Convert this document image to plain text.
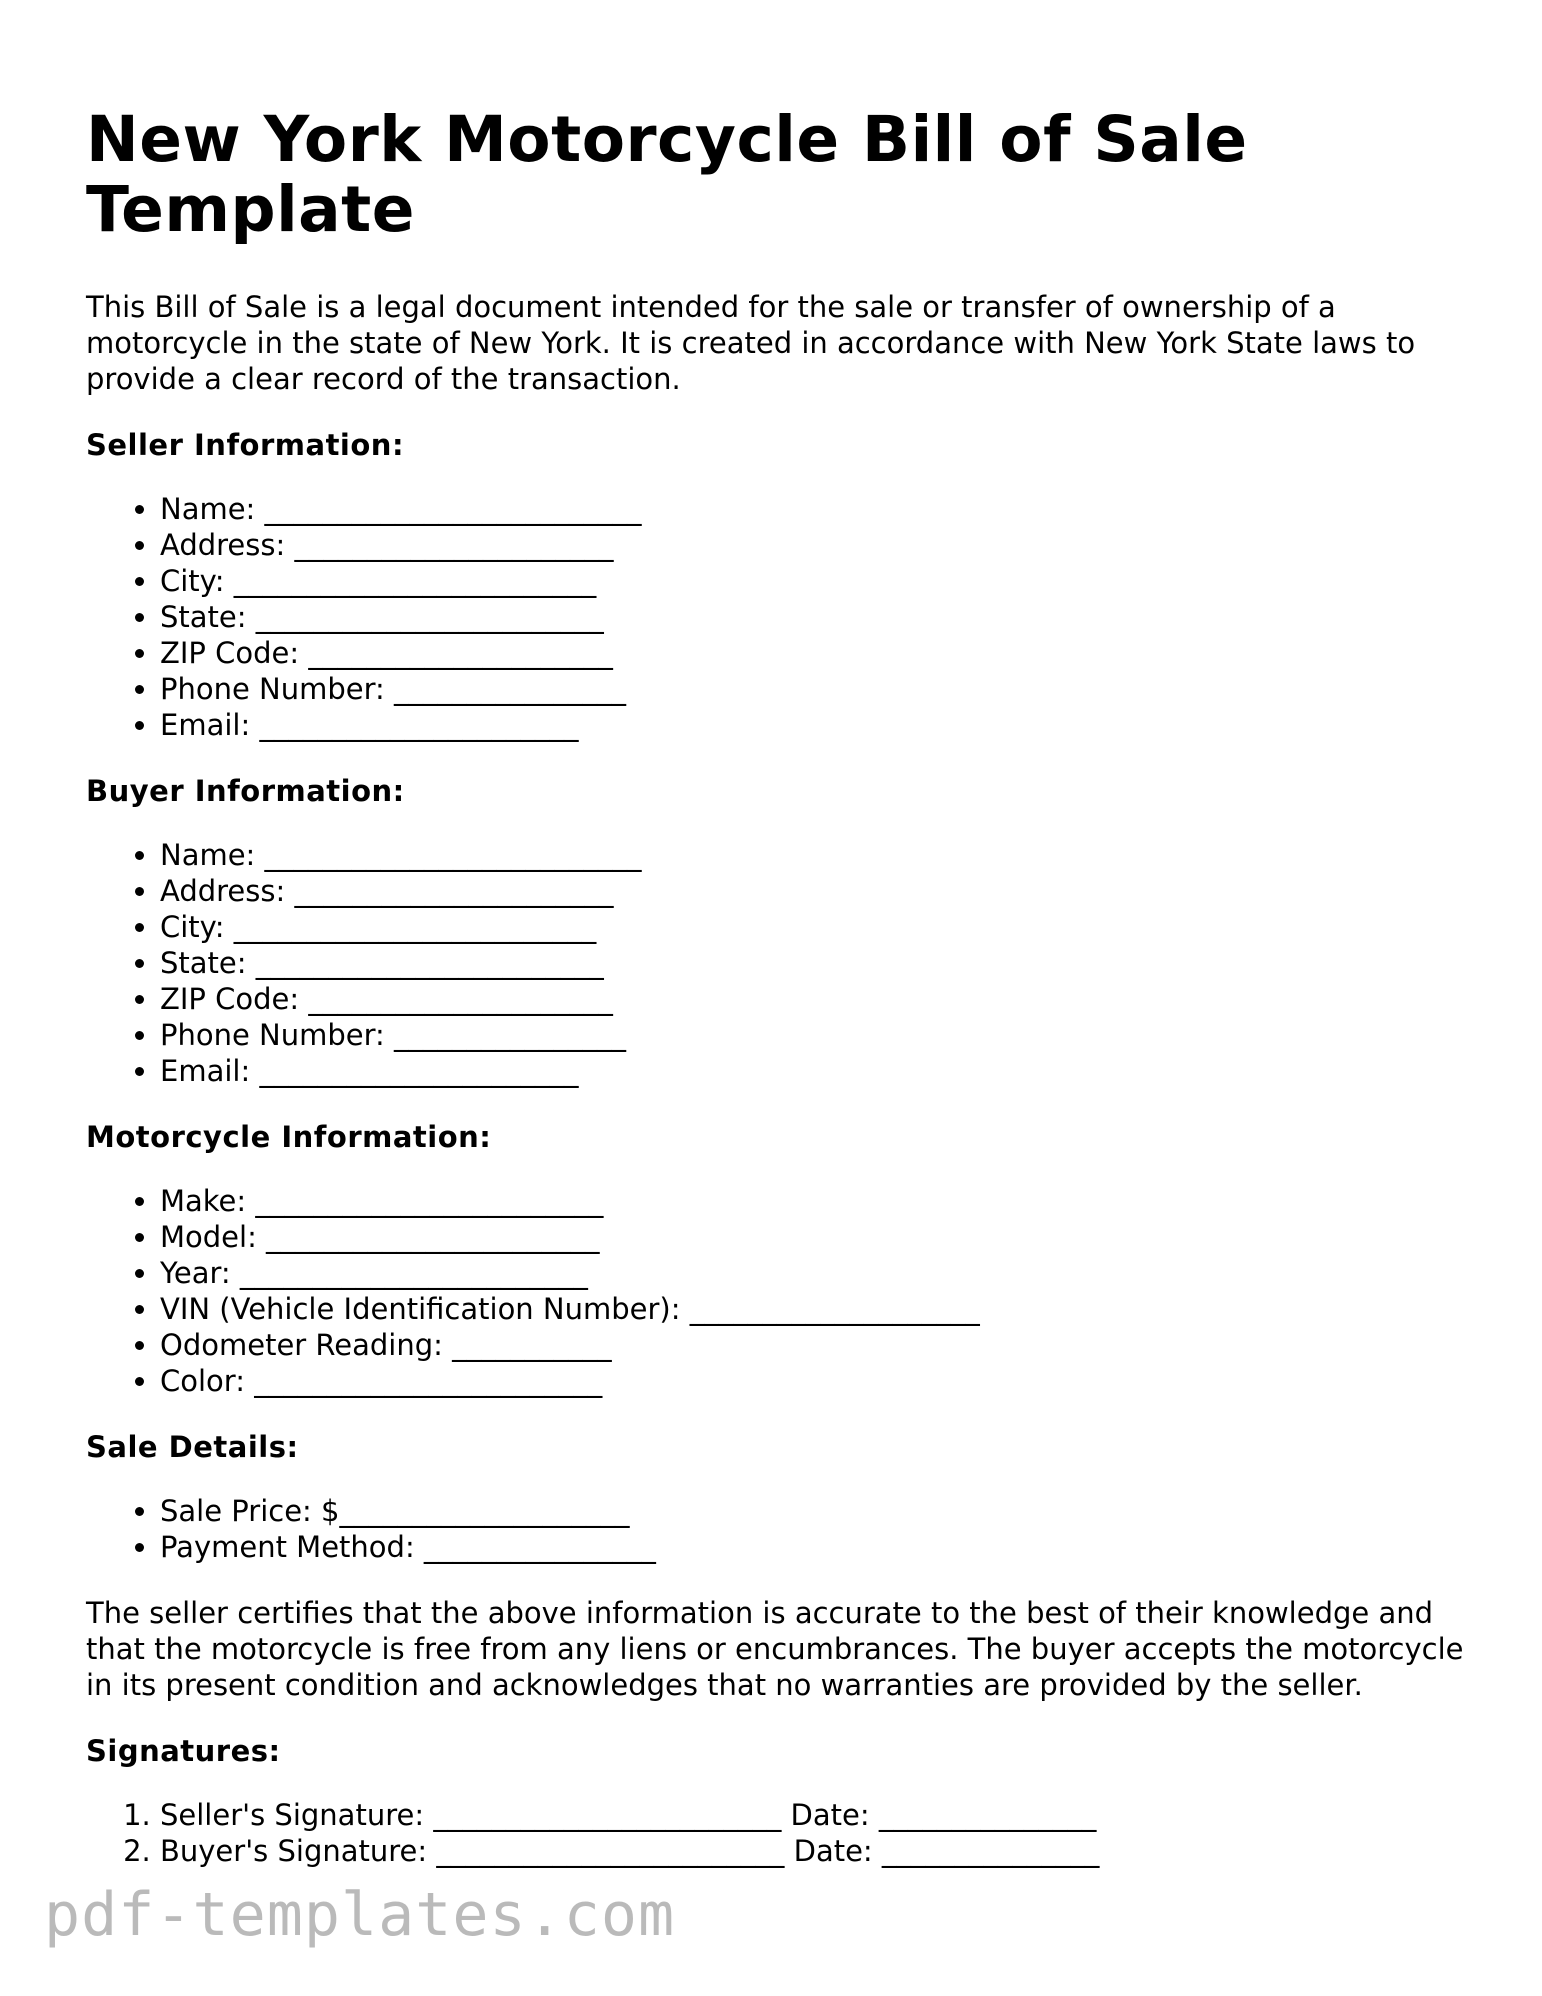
New York Motorcycle Bill of Sale Template

This Bill of Sale is a legal document intended for the sale or transfer of ownership of a motorcycle in the state of New York. It is created in accordance with New York State laws to provide a clear record of the transaction.

Seller Information:
• Name: __________________________
• Address: ______________________
• City: _________________________
• State: ________________________
• ZIP Code: _____________________
• Phone Number: ________________
• Email: ______________________
Buyer Information:
• Name: __________________________
• Address: ______________________
• City: _________________________
• State: ________________________
• ZIP Code: _____________________
• Phone Number: ________________
• Email: ______________________
Motorcycle Information:
• Make: ________________________
• Model: _______________________
• Year: ________________________
• VIN (Vehicle Identification Number): ____________________
• Odometer Reading: ___________
• Color: ________________________
Sale Details:
• Sale Price: $____________________
• Payment Method: ________________

The seller certifies that the above information is accurate to the best of their knowledge and that the motorcycle is free from any liens or encumbrances. The buyer accepts the motorcycle in its present condition and acknowledges that no warranties are provided by the seller.

Signatures:
1. Seller's Signature: ________________________ Date: _______________
2. Buyer's Signature: ________________________ Date: _______________
pdf-templates.com
